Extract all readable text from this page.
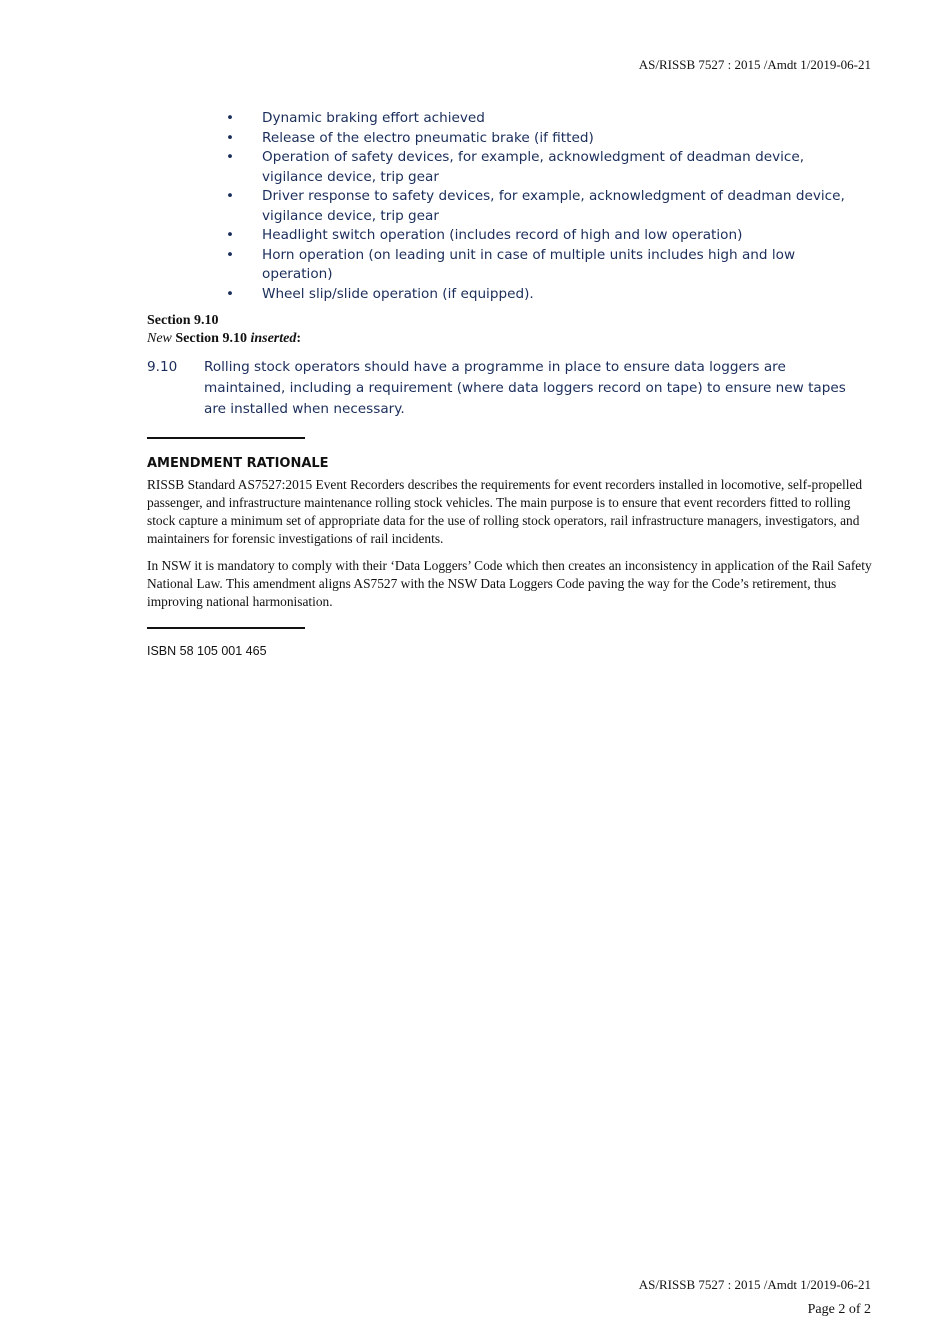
AS/RISSB 7527 : 2015 /Amdt 1/2019-06-21
• Dynamic braking effort achieved
• Release of the electro pneumatic brake (if fitted)
• Operation of safety devices, for example, acknowledgment of deadman device, vigilance device, trip gear
• Driver response to safety devices, for example, acknowledgment of deadman device, vigilance device, trip gear
• Headlight switch operation (includes record of high and low operation)
• Horn operation (on leading unit in case of multiple units includes high and low operation)
• Wheel slip/slide operation (if equipped).
Section 9.10
New Section 9.10 inserted:
9.10 Rolling stock operators should have a programme in place to ensure data loggers are maintained, including a requirement (where data loggers record on tape) to ensure new tapes are installed when necessary.
AMENDMENT RATIONALE
RISSB Standard AS7527:2015 Event Recorders describes the requirements for event recorders installed in locomotive, self-propelled passenger, and infrastructure maintenance rolling stock vehicles. The main purpose is to ensure that event recorders fitted to rolling stock capture a minimum set of appropriate data for the use of rolling stock operators, rail infrastructure managers, investigators, and maintainers for forensic investigations of rail incidents.
In NSW it is mandatory to comply with their ‘Data Loggers’ Code which then creates an inconsistency in application of the Rail Safety National Law. This amendment aligns AS7527 with the NSW Data Loggers Code paving the way for the Code’s retirement, thus improving national harmonisation.
ISBN 58 105 001 465
AS/RISSB 7527 : 2015 /Amdt 1/2019-06-21
Page 2 of 2
